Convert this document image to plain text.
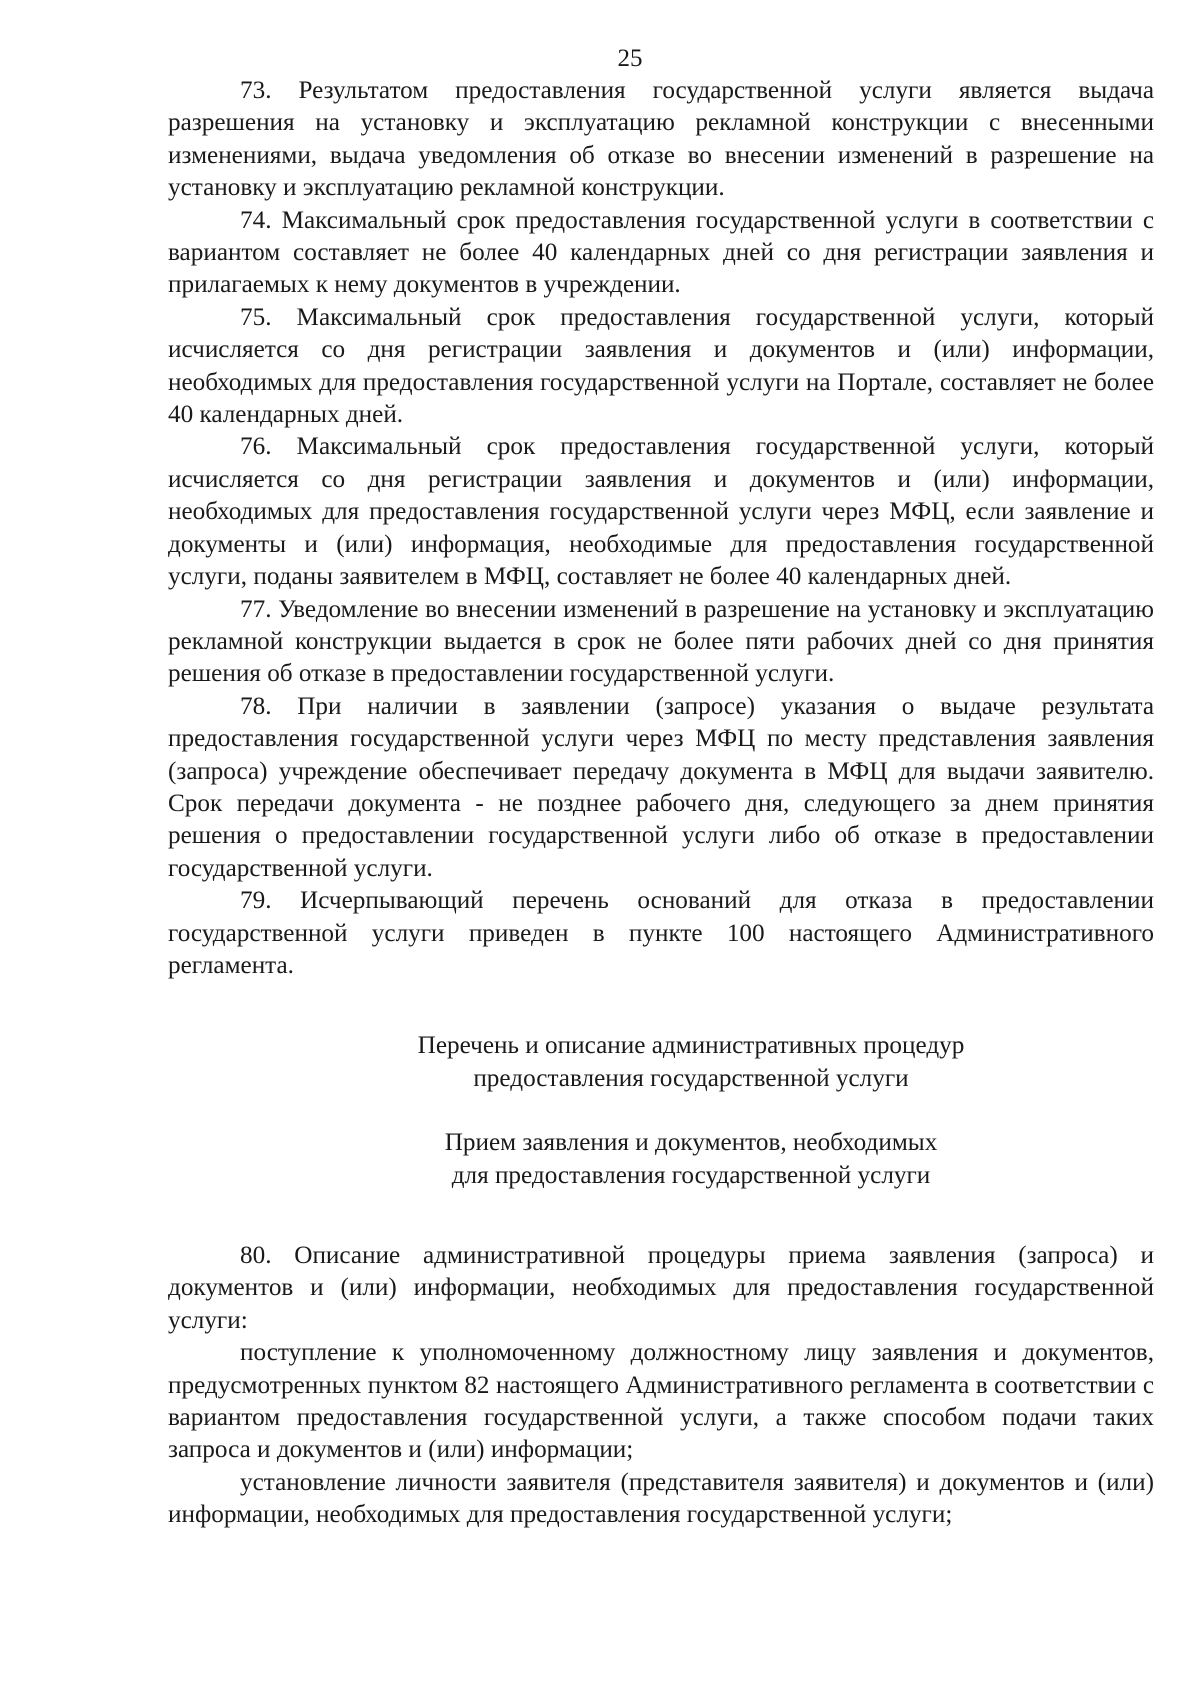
25

73. Результатом предоставления государственной услуги является выдача разрешения на установку и эксплуатацию рекламной конструкции с внесенными изменениями, выдача уведомления об отказе во внесении изменений в разрешение на установку и эксплуатацию рекламной конструкции.

74. Максимальный срок предоставления государственной услуги в соответствии с вариантом составляет не более 40 календарных дней со дня регистрации заявления и прилагаемых к нему документов в учреждении.

75. Максимальный срок предоставления государственной услуги, который исчисляется со дня регистрации заявления и документов и (или) информации, необходимых для предоставления государственной услуги на Портале, составляет не более 40 календарных дней.

76. Максимальный срок предоставления государственной услуги, который исчисляется со дня регистрации заявления и документов и (или) информации, необходимых для предоставления государственной услуги через МФЦ, если заявление и документы и (или) информация, необходимые для предоставления государственной услуги, поданы заявителем в МФЦ, составляет не более 40 календарных дней.

77. Уведомление во внесении изменений в разрешение на установку и эксплуатацию рекламной конструкции выдается в срок не более пяти рабочих дней со дня принятия решения об отказе в предоставлении государственной услуги.

78. При наличии в заявлении (запросе) указания о выдаче результата предоставления государственной услуги через МФЦ по месту представления заявления (запроса) учреждение обеспечивает передачу документа в МФЦ для выдачи заявителю. Срок передачи документа - не позднее рабочего дня, следующего за днем принятия решения о предоставлении государственной услуги либо об отказе в предоставлении государственной услуги.

79. Исчерпывающий перечень оснований для отказа в предоставлении государственной услуги приведен в пункте 100 настоящего Административного регламента.

Перечень и описание административных процедур

предоставления государственной услуги

Прием заявления и документов, необходимых

для предоставления государственной услуги

80. Описание административной процедуры приема заявления (запроса) и документов и (или) информации, необходимых для предоставления государственной услуги:

поступление к уполномоченному должностному лицу заявления и документов, предусмотренных пунктом 82 настоящего Административного регламента в соответствии с вариантом предоставления государственной услуги, а также способом подачи таких запроса и документов и (или) информации;

установление личности заявителя (представителя заявителя) и документов и (или) информации, необходимых для предоставления государственной услуги;
